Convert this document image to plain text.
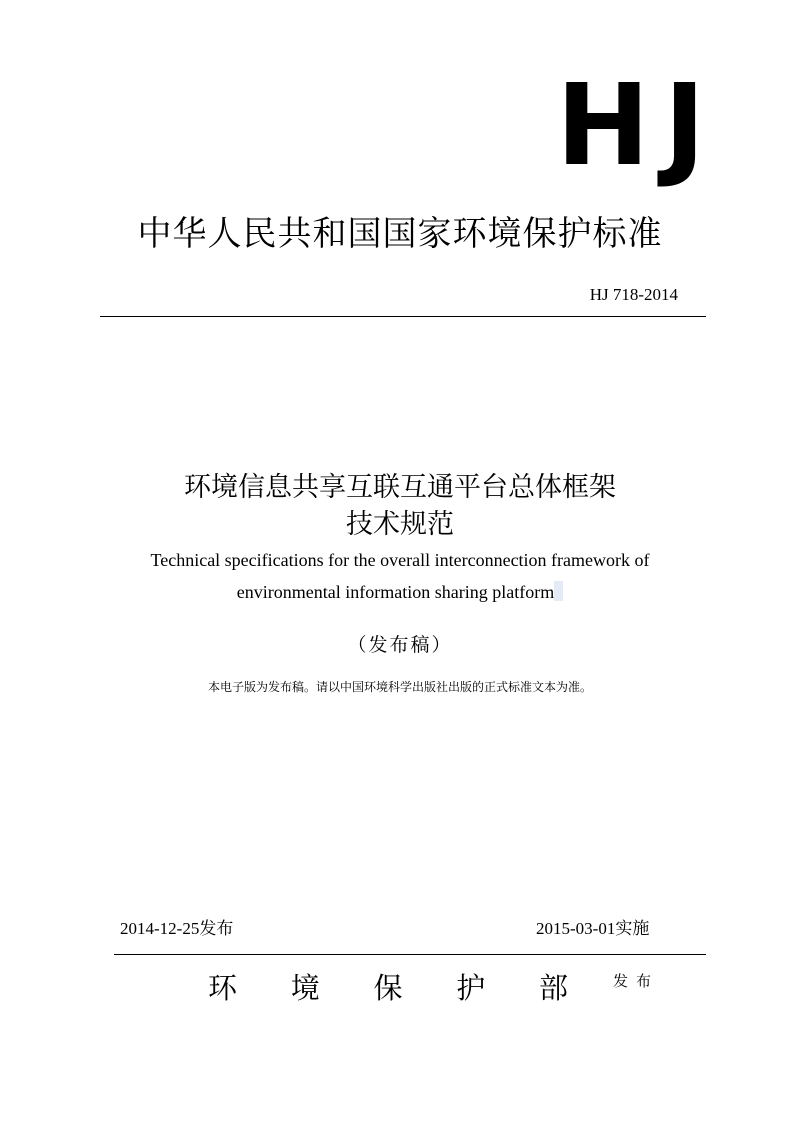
HJ
中华人民共和国国家环境保护标准
HJ 718-2014
环境信息共享互联互通平台总体框架
技术规范
Technical specifications for the overall interconnection framework of
environmental information sharing platform
（发布稿）
本电子版为发布稿。请以中国环境科学出版社出版的正式标准文本为准。
2014-12-25发布	2015-03-01实施
环 境 保 护 部	发布
